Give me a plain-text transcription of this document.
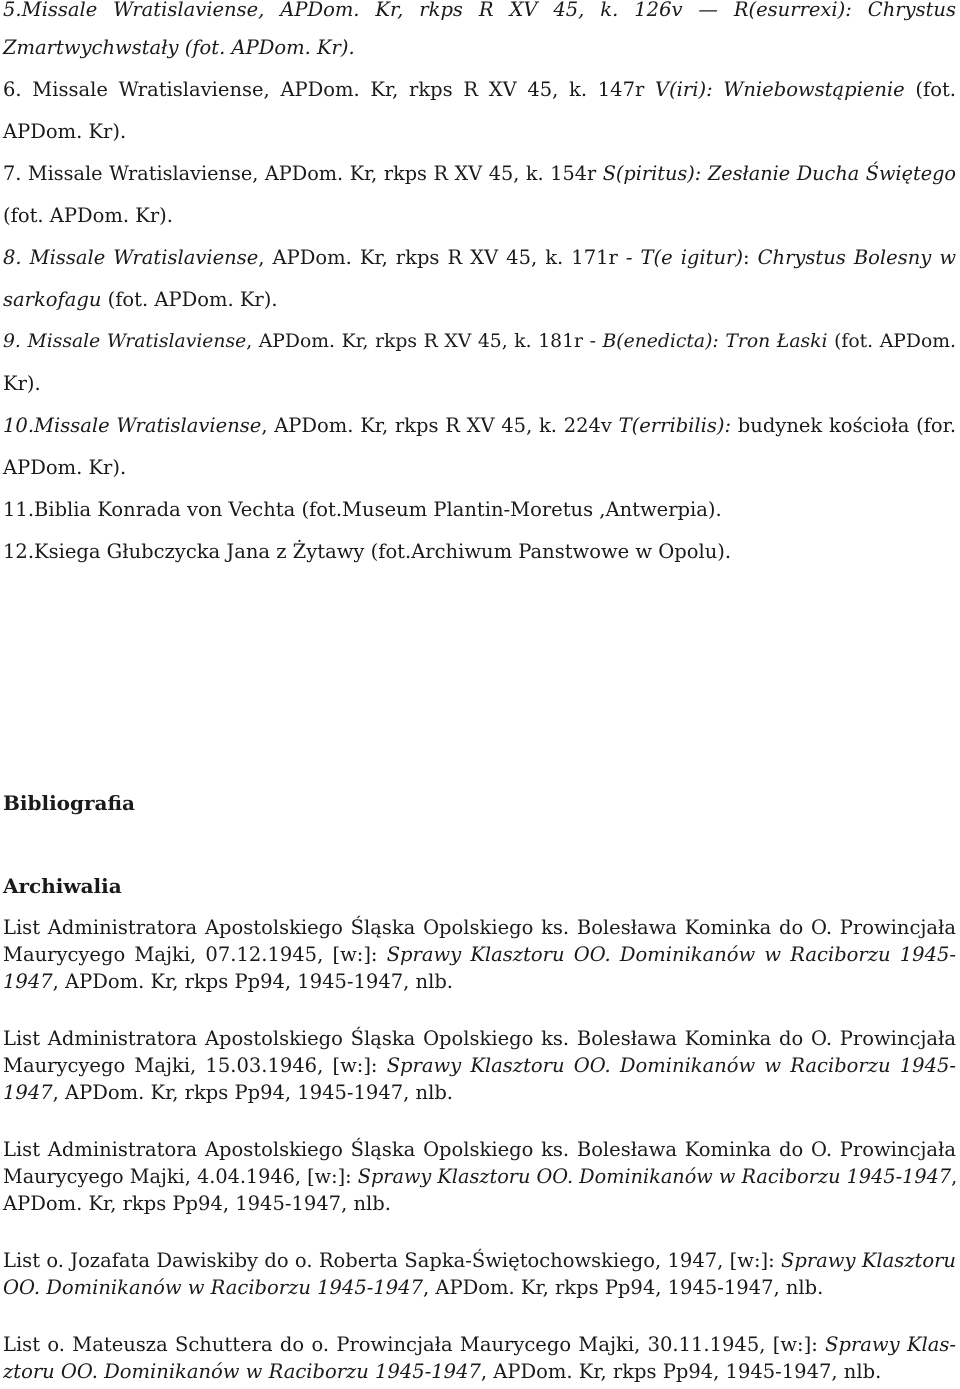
5.Missale Wratislaviense, APDom. Kr, rkps R XV 45, k. 126v — R(esurrexi): Chrystus
Zmartwychwstały (fot. APDom. Kr).
6. Missale Wratislaviense, APDom. Kr, rkps R XV 45, k. 147r V(iri): Wniebowstąpienie (fot.
APDom. Kr).
7. Missale Wratislaviense, APDom. Kr, rkps R XV 45, k. 154r S(piritus): Zesłanie Ducha Świętego
(fot. APDom. Kr).
8. Missale Wratislaviense, APDom. Kr, rkps R XV 45, k. 171r - T(e igitur): Chrystus Bolesny w
sarkofagu (fot. APDom. Kr).
9. Missale Wratislaviense, APDom. Kr, rkps R XV 45, k. 181r - B(enedicta): Tron Łaski (fot. APDom.
Kr).
10.Missale Wratislaviense, APDom. Kr, rkps R XV 45, k. 224v T(erribilis): budynek kościoła (for.
APDom. Kr).
11.Biblia Konrada von Vechta (fot.Museum Plantin-Moretus ,Antwerpia).
12.Ksiega Głubczycka Jana z Żytawy (fot.Archiwum Panstwowe w Opolu).
Bibliografia
Archiwalia
List Administratora Apostolskiego Śląska Opolskiego ks. Bolesława Kominka do O. Prowincjała
Maurycyego Majki, 07.12.1945, [w:]: Sprawy Klasztoru OO. Dominikanów w Raciborzu 1945-
1947, APDom. Kr, rkps Pp94, 1945-1947, nlb.
List Administratora Apostolskiego Śląska Opolskiego ks. Bolesława Kominka do O. Prowincjała
Maurycyego Majki, 15.03.1946, [w:]: Sprawy Klasztoru OO. Dominikanów w Raciborzu 1945-
1947, APDom. Kr, rkps Pp94, 1945-1947, nlb.
List Administratora Apostolskiego Śląska Opolskiego ks. Bolesława Kominka do O. Prowincjała
Maurycyego Majki, 4.04.1946, [w:]: Sprawy Klasztoru OO. Dominikanów w Raciborzu 1945-1947,
APDom. Kr, rkps Pp94, 1945-1947, nlb.
List o. Jozafata Dawiskiby do o. Roberta Sapka-Świętochowskiego, 1947, [w:]: Sprawy Klasztoru
OO. Dominikanów w Raciborzu 1945-1947, APDom. Kr, rkps Pp94, 1945-1947, nlb.
List o. Mateusza Schuttera do o. Prowincjała Maurycego Majki, 30.11.1945, [w:]: Sprawy Klas-
ztoru OO. Dominikanów w Raciborzu 1945-1947, APDom. Kr, rkps Pp94, 1945-1947, nlb.
